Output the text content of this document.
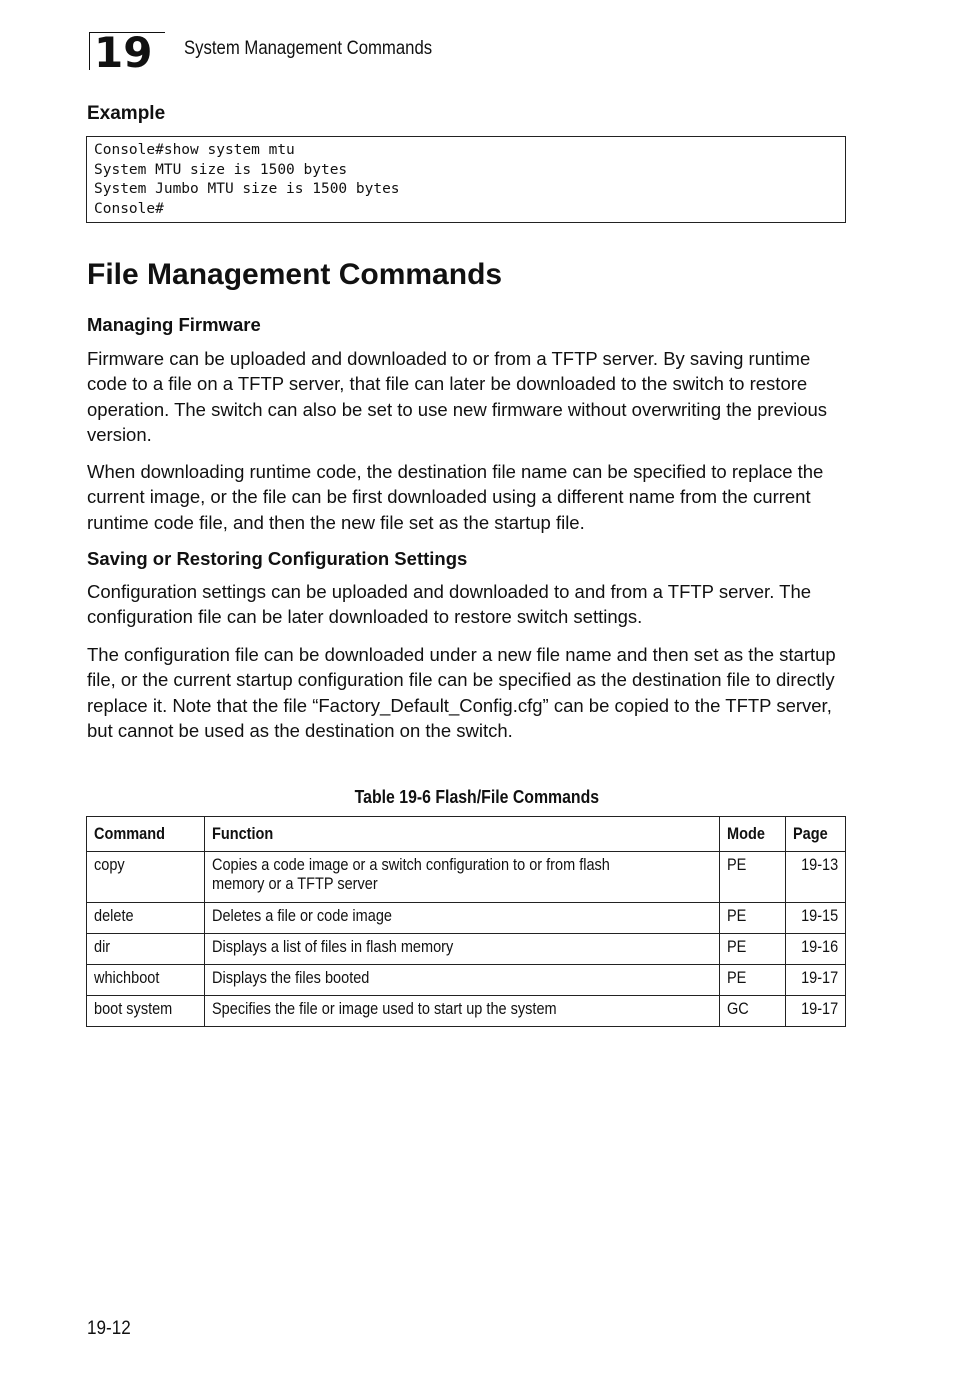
19	System Management Commands
Example
Console#show system mtu
System MTU size is 1500 bytes
System Jumbo MTU size is 1500 bytes
Console#
File Management Commands
Managing Firmware

Firmware can be uploaded and downloaded to or from a TFTP server. By saving runtime code to a file on a TFTP server, that file can later be downloaded to the switch to restore operation. The switch can also be set to use new firmware without overwriting the previous version.

When downloading runtime code, the destination file name can be specified to replace the current image, or the file can be first downloaded using a different name from the current runtime code file, and then the new file set as the startup file.

Saving or Restoring Configuration Settings

Configuration settings can be uploaded and downloaded to and from a TFTP server. The configuration file can be later downloaded to restore switch settings.

The configuration file can be downloaded under a new file name and then set as the startup file, or the current startup configuration file can be specified as the destination file to directly replace it. Note that the file “Factory_Default_Config.cfg” can be copied to the TFTP server, but cannot be used as the destination on the switch.

Table 19-6 Flash/File Commands
Command	Function	Mode	Page
copy	Copies a code image or a switch configuration to or from flash memory or a TFTP server	PE	19-13
delete	Deletes a file or code image	PE	19-15
dir	Displays a list of files in flash memory	PE	19-16
whichboot	Displays the files booted	PE	19-17
boot system	Specifies the file or image used to start up the system	GC	19-17
19-12
